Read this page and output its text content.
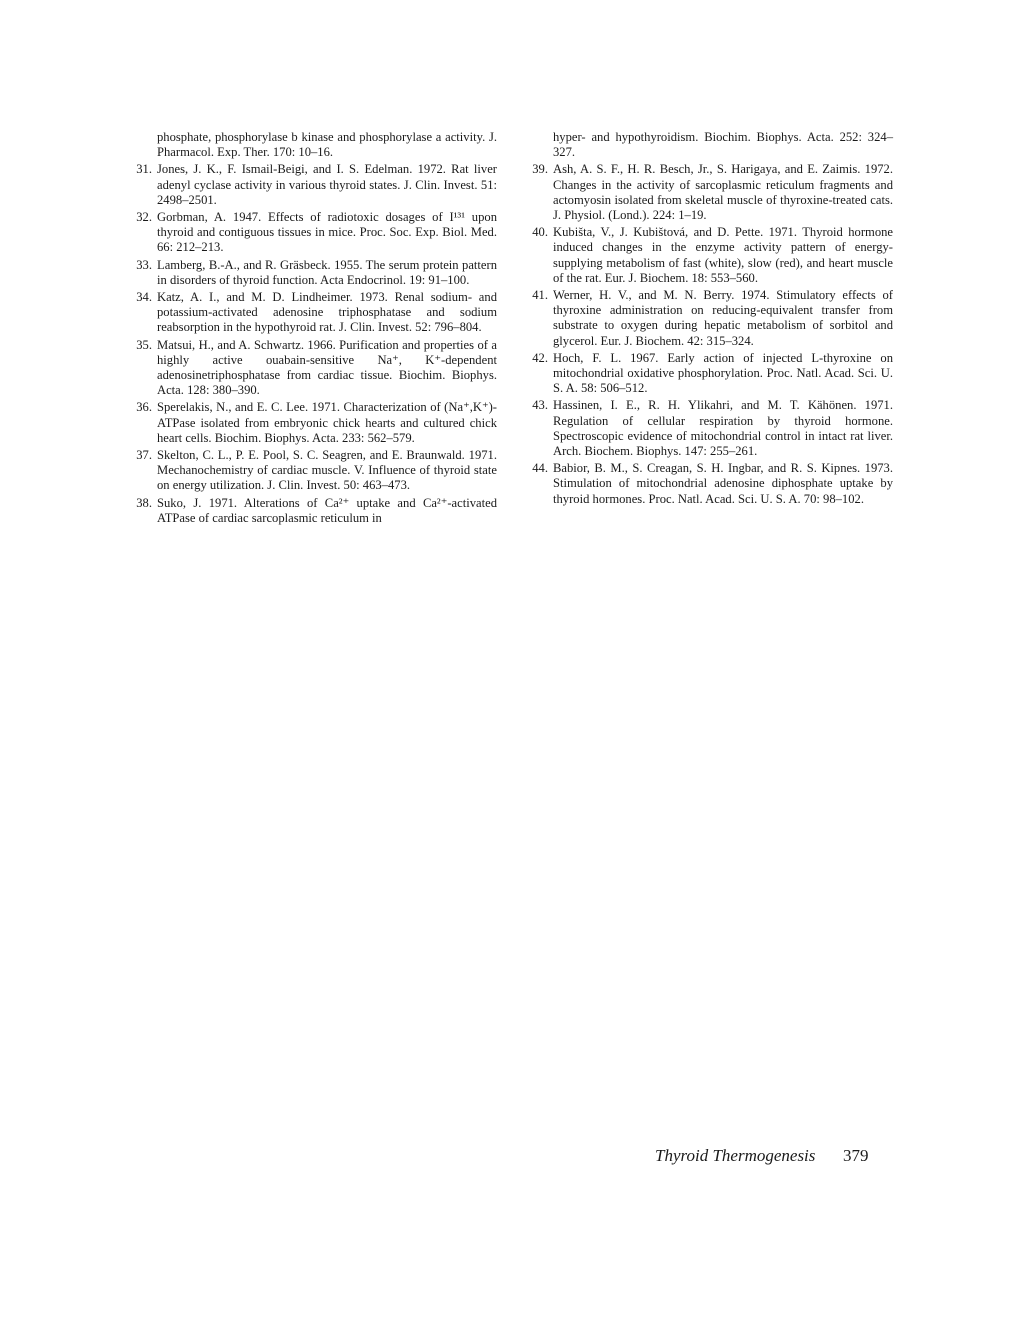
phosphate, phosphorylase b kinase and phosphorylase a activity. J. Pharmacol. Exp. Ther. 170: 10–16.

31. Jones, J. K., F. Ismail-Beigi, and I. S. Edelman. 1972. Rat liver adenyl cyclase activity in various thyroid states. J. Clin. Invest. 51: 2498–2501.
32. Gorbman, A. 1947. Effects of radiotoxic dosages of I¹³¹ upon thyroid and contiguous tissues in mice. Proc. Soc. Exp. Biol. Med. 66: 212–213.
33. Lamberg, B.-A., and R. Gräsbeck. 1955. The serum protein pattern in disorders of thyroid function. Acta Endocrinol. 19: 91–100.
34. Katz, A. I., and M. D. Lindheimer. 1973. Renal sodium- and potassium-activated adenosine triphosphatase and sodium reabsorption in the hypothyroid rat. J. Clin. Invest. 52: 796–804.
35. Matsui, H., and A. Schwartz. 1966. Purification and properties of a highly active ouabain-sensitive Na⁺, K⁺-dependent adenosinetriphosphatase from cardiac tissue. Biochim. Biophys. Acta. 128: 380–390.
36. Sperelakis, N., and E. C. Lee. 1971. Characterization of (Na⁺,K⁺)-ATPase isolated from embryonic chick hearts and cultured chick heart cells. Biochim. Biophys. Acta. 233: 562–579.
37. Skelton, C. L., P. E. Pool, S. C. Seagren, and E. Braunwald. 1971. Mechanochemistry of cardiac muscle. V. Influence of thyroid state on energy utilization. J. Clin. Invest. 50: 463–473.
38. Suko, J. 1971. Alterations of Ca²⁺ uptake and Ca²⁺-activated ATPase of cardiac sarcoplasmic reticulum in

hyper- and hypothyroidism. Biochim. Biophys. Acta. 252: 324–327.

39. Ash, A. S. F., H. R. Besch, Jr., S. Harigaya, and E. Zaimis. 1972. Changes in the activity of sarcoplasmic reticulum fragments and actomyosin isolated from skeletal muscle of thyroxine-treated cats. J. Physiol. (Lond.). 224: 1–19.
40. Kubišta, V., J. Kubištová, and D. Pette. 1971. Thyroid hormone induced changes in the enzyme activity pattern of energy-supplying metabolism of fast (white), slow (red), and heart muscle of the rat. Eur. J. Biochem. 18: 553–560.
41. Werner, H. V., and M. N. Berry. 1974. Stimulatory effects of thyroxine administration on reducing-equivalent transfer from substrate to oxygen during hepatic metabolism of sorbitol and glycerol. Eur. J. Biochem. 42: 315–324.
42. Hoch, F. L. 1967. Early action of injected L-thyroxine on mitochondrial oxidative phosphorylation. Proc. Natl. Acad. Sci. U. S. A. 58: 506–512.
43. Hassinen, I. E., R. H. Ylikahri, and M. T. Kähönen. 1971. Regulation of cellular respiration by thyroid hormone. Spectroscopic evidence of mitochondrial control in intact rat liver. Arch. Biochem. Biophys. 147: 255–261.
44. Babior, B. M., S. Creagan, S. H. Ingbar, and R. S. Kipnes. 1973. Stimulation of mitochondrial adenosine diphosphate uptake by thyroid hormones. Proc. Natl. Acad. Sci. U. S. A. 70: 98–102.
Thyroid Thermogenesis 379
